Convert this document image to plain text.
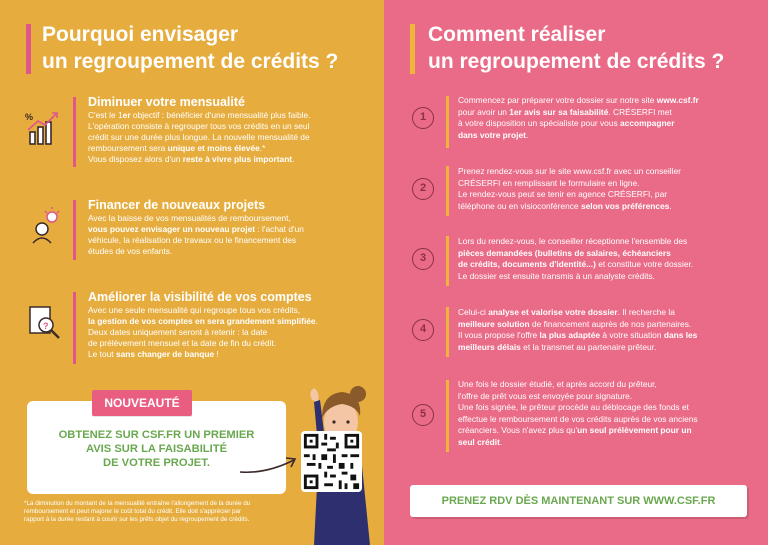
Pourquoi envisager
un regroupement de crédits ?
Comment réaliser
un regroupement de crédits ?
Diminuer votre mensualité
C'est le 1er objectif : bénéficier d'une mensualité plus faible.
L'opération consiste à regrouper tous vos crédits en un seul
crédit sur une durée plus longue. La nouvelle mensualité de
remboursement sera unique et moins élevée.*
Vous disposez alors d'un reste à vivre plus important.
Financer de nouveaux projets
Avec la baisse de vos mensualités de remboursement,
vous pouvez envisager un nouveau projet : l'achat d'un
véhicule, la réalisation de travaux ou le financement des
études de vos enfants.
Améliorer la visibilité de vos comptes
Avec une seule mensualité qui regroupe tous vos crédits,
la gestion de vos comptes en sera grandement simplifiée.
Deux dates uniquement seront à retenir : la date
de prélèvement mensuel et la date de fin du crédit.
Le tout sans changer de banque !
%
?
NOUVEAUTÉ
OBTENEZ SUR CSF.FR UN PREMIER
AVIS SUR LA FAISABILITÉ
DE VOTRE PROJET.
*La diminution du montant de la mensualité entraîne l'allongement de la durée du
remboursement et peut majorer le coût total du crédit. Elle doit s'apprécier par
rapport à la durée restant à courir sur les prêts objet du regroupement de crédits.
1
Commencez par préparer votre dossier sur notre site www.csf.fr
pour avoir un 1er avis sur sa faisabilité. CRÉSERFI met
à votre disposition un spécialiste pour vous accompagner
dans votre projet.
2
Prenez rendez-vous sur le site www.csf.fr avec un conseiller
CRÉSERFI en remplissant le formulaire en ligne.
Le rendez-vous peut se tenir en agence CRÉSERFI, par
téléphone ou en visioconférence selon vos préférences.
3
Lors du rendez-vous, le conseiller réceptionne l'ensemble des
pièces demandées (bulletins de salaires, échéanciers
de crédits, documents d'identité...) et constitue votre dossier.
Le dossier est ensuite transmis à un analyste crédits.
4
Celui-ci analyse et valorise votre dossier. Il recherche la
meilleure solution de financement auprès de nos partenaires.
Il vous propose l'offre la plus adaptée à votre situation dans les
meilleurs délais et la transmet au partenaire prêteur.
5
Une fois le dossier étudié, et après accord du prêteur,
l'offre de prêt vous est envoyée pour signature.
Une fois signée, le prêteur procède au déblocage des fonds et
effectue le remboursement de vos crédits auprès de vos anciens
créanciers. Vous n'avez plus qu'un seul prélèvement pour un
seul crédit.
PRENEZ RDV DÈS MAINTENANT SUR WWW.CSF.FR
